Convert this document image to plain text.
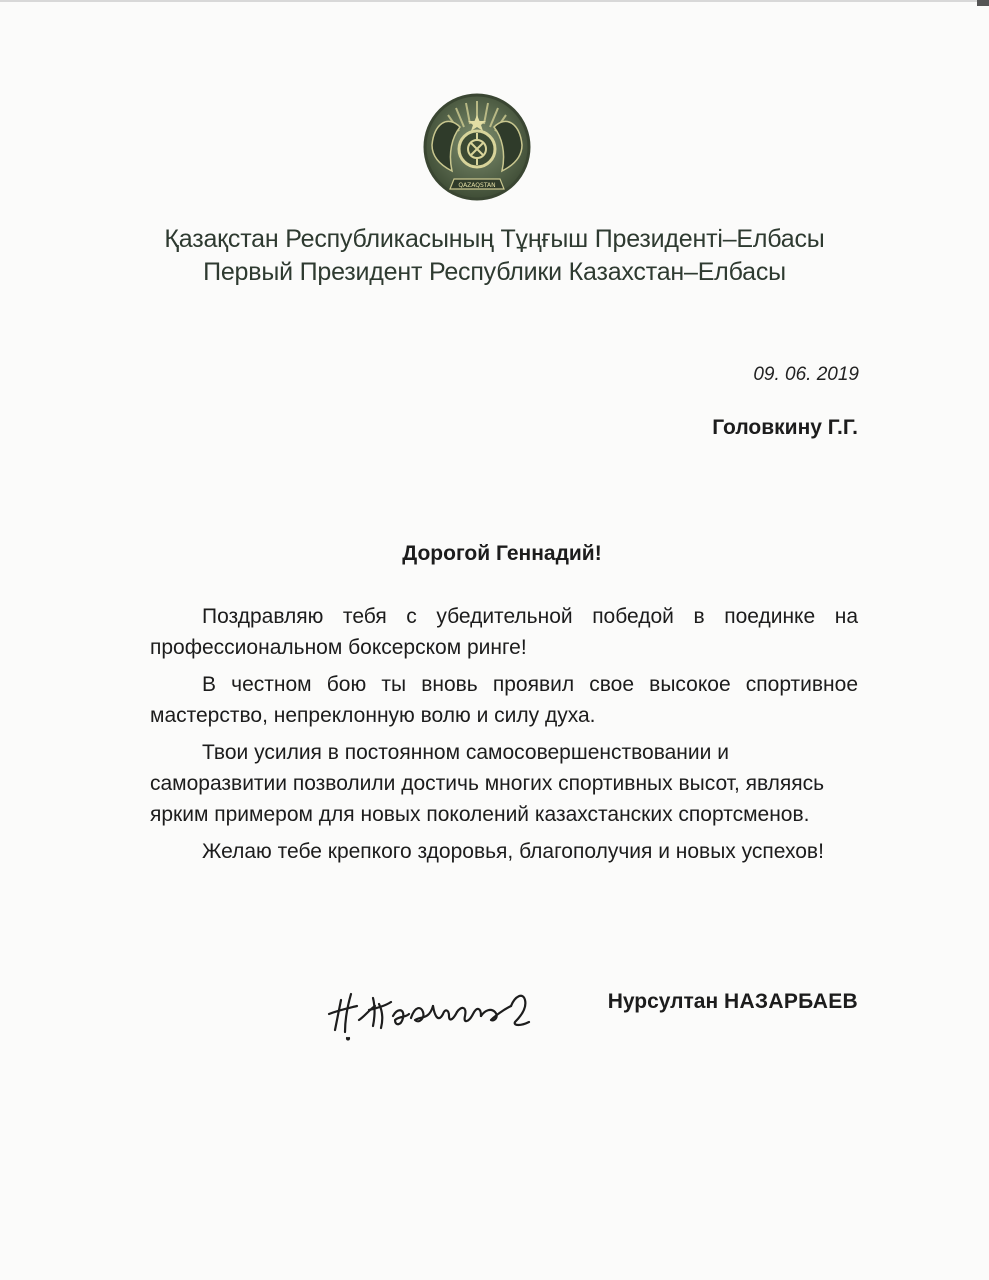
QAZAQSTAN
Қазақстан Республикасының Тұңғыш Президенті–Елбасы
Первый Президент Республики Казахстан–Елбасы
09. 06. 2019
Головкину Г.Г.
Дорогой Геннадий!

Поздравляю тебя с убедительной победой в поединке на профессиональном боксерском ринге!

В честном бою ты вновь проявил свое высокое спортивное мастерство, непреклонную волю и силу духа.

Твои усилия в постоянном самосовершенствовании и саморазвитии позволили достичь многих спортивных высот, являясь ярким примером для новых поколений казахстанских спортсменов.

Желаю тебе крепкого здоровья, благополучия и новых успехов!

Нурсултан НАЗАРБАЕВ
